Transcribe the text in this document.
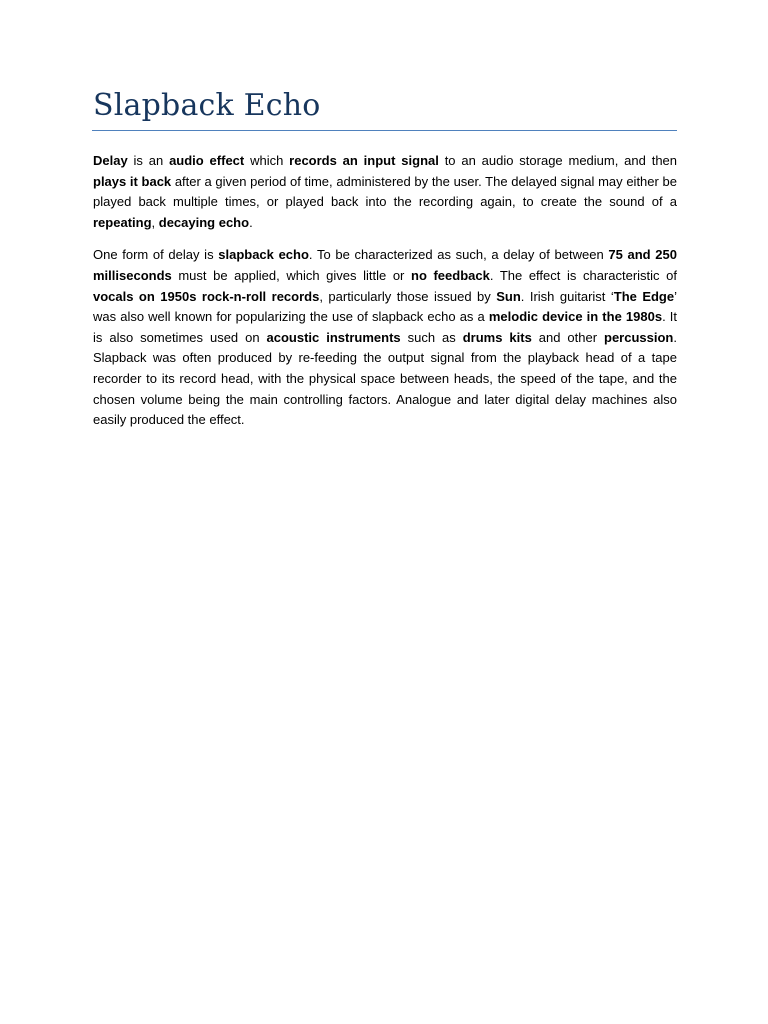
Slapback Echo

Delay is an audio effect which records an input signal to an audio storage medium, and then plays it back after a given period of time, administered by the user. The delayed signal may either be played back multiple times, or played back into the recording again, to create the sound of a repeating, decaying echo.

One form of delay is slapback echo. To be characterized as such, a delay of between 75 and 250 milliseconds must be applied, which gives little or no feedback. The effect is characteristic of vocals on 1950s rock-n-roll records, particularly those issued by Sun. Irish guitarist ‘The Edge’ was also well known for popularizing the use of slapback echo as a melodic device in the 1980s. It is also sometimes used on acoustic instruments such as drums kits and other percussion. Slapback was often produced by re-feeding the output signal from the playback head of a tape recorder to its record head, with the physical space between heads, the speed of the tape, and the chosen volume being the main controlling factors. Analogue and later digital delay machines also easily produced the effect.
